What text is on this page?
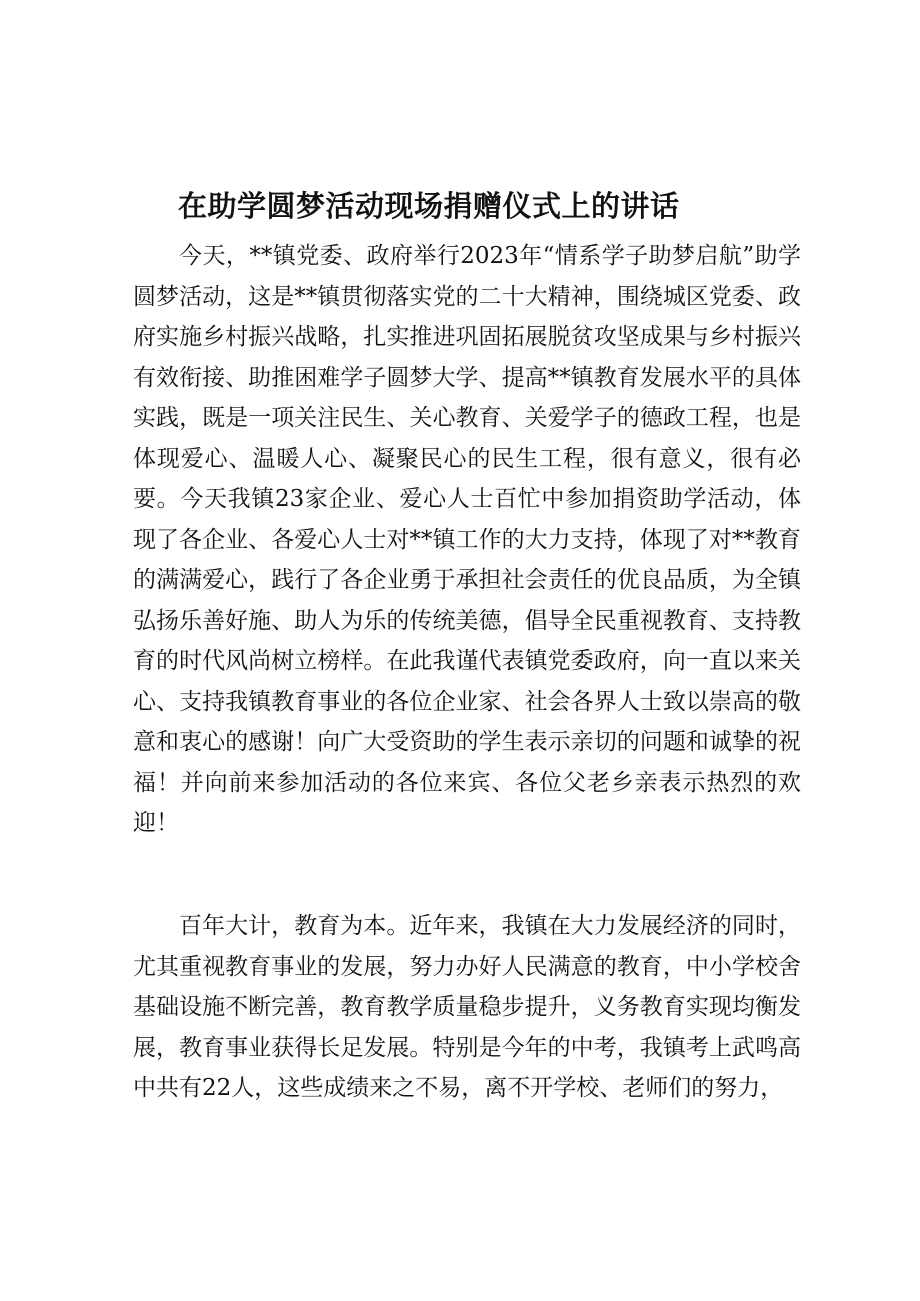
在助学圆梦活动现场捐赠仪式上的讲话

今天，**镇党委、政府举行2023年“情系学子助梦启航”助学圆梦活动，这是**镇贯彻落实党的二十大精神，围绕城区党委、政府实施乡村振兴战略，扎实推进巩固拓展脱贫攻坚成果与乡村振兴有效衔接、助推困难学子圆梦大学、提高**镇教育发展水平的具体实践，既是一项关注民生、关心教育、关爱学子的德政工程，也是体现爱心、温暖人心、凝聚民心的民生工程，很有意义，很有必要。今天我镇23家企业、爱心人士百忙中参加捐资助学活动，体现了各企业、各爱心人士对**镇工作的大力支持，体现了对**教育的满满爱心，践行了各企业勇于承担社会责任的优良品质，为全镇弘扬乐善好施、助人为乐的传统美德，倡导全民重视教育、支持教育的时代风尚树立榜样。在此我谨代表镇党委政府，向一直以来关心、支持我镇教育事业的各位企业家、社会各界人士致以崇高的敬意和衷心的感谢！向广大受资助的学生表示亲切的问题和诚挚的祝福！并向前来参加活动的各位来宾、各位父老乡亲表示热烈的欢迎！

百年大计，教育为本。近年来，我镇在大力发展经济的同时，尤其重视教育事业的发展，努力办好人民满意的教育，中小学校舍基础设施不断完善，教育教学质量稳步提升，义务教育实现均衡发展，教育事业获得长足发展。特别是今年的中考，我镇考上武鸣高中共有22人，这些成绩来之不易，离不开学校、老师们的努力，
